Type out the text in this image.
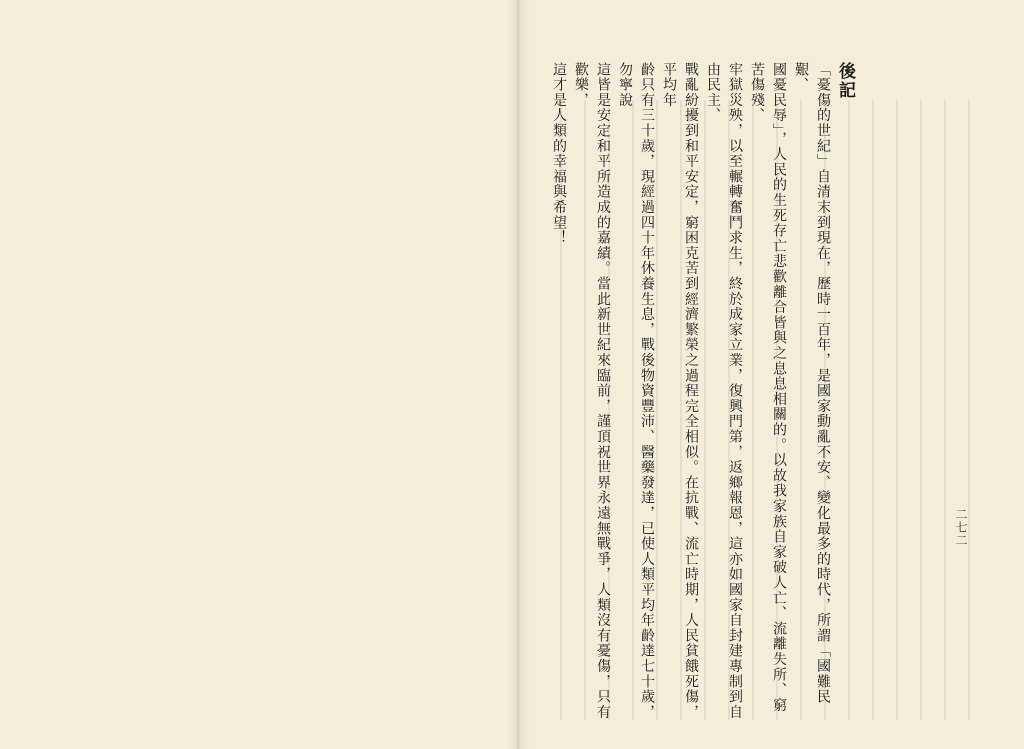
後記
「憂傷的世紀」自清末到現在，歷時一百年，是國家動亂不安、變化最多的時代，所謂「國難民艱、
國憂民辱」，人民的生死存亡悲歡離合皆與之息息相關的。以故我家族自家破人亡、流離失所、窮苦傷殘、
牢獄災殃，以至輾轉奮鬥求生，終於成家立業，復興門第，返鄉報恩，這亦如國家自封建專制到自由民主、
戰亂紛擾到和平安定，窮困克苦到經濟繁榮之過程完全相似。在抗戰、流亡時期，人民貧餓死傷，平均年
齡只有三十歲，現經過四十年休養生息，戰後物資豐沛、醫藥發達，已使人類平均年齡達七十歲，勿寧說
這皆是安定和平所造成的嘉績。當此新世紀來臨前，謹頂祝世界永遠無戰爭，人類沒有憂傷，只有歡樂，
這才是人類的幸福與希望！
二七二
